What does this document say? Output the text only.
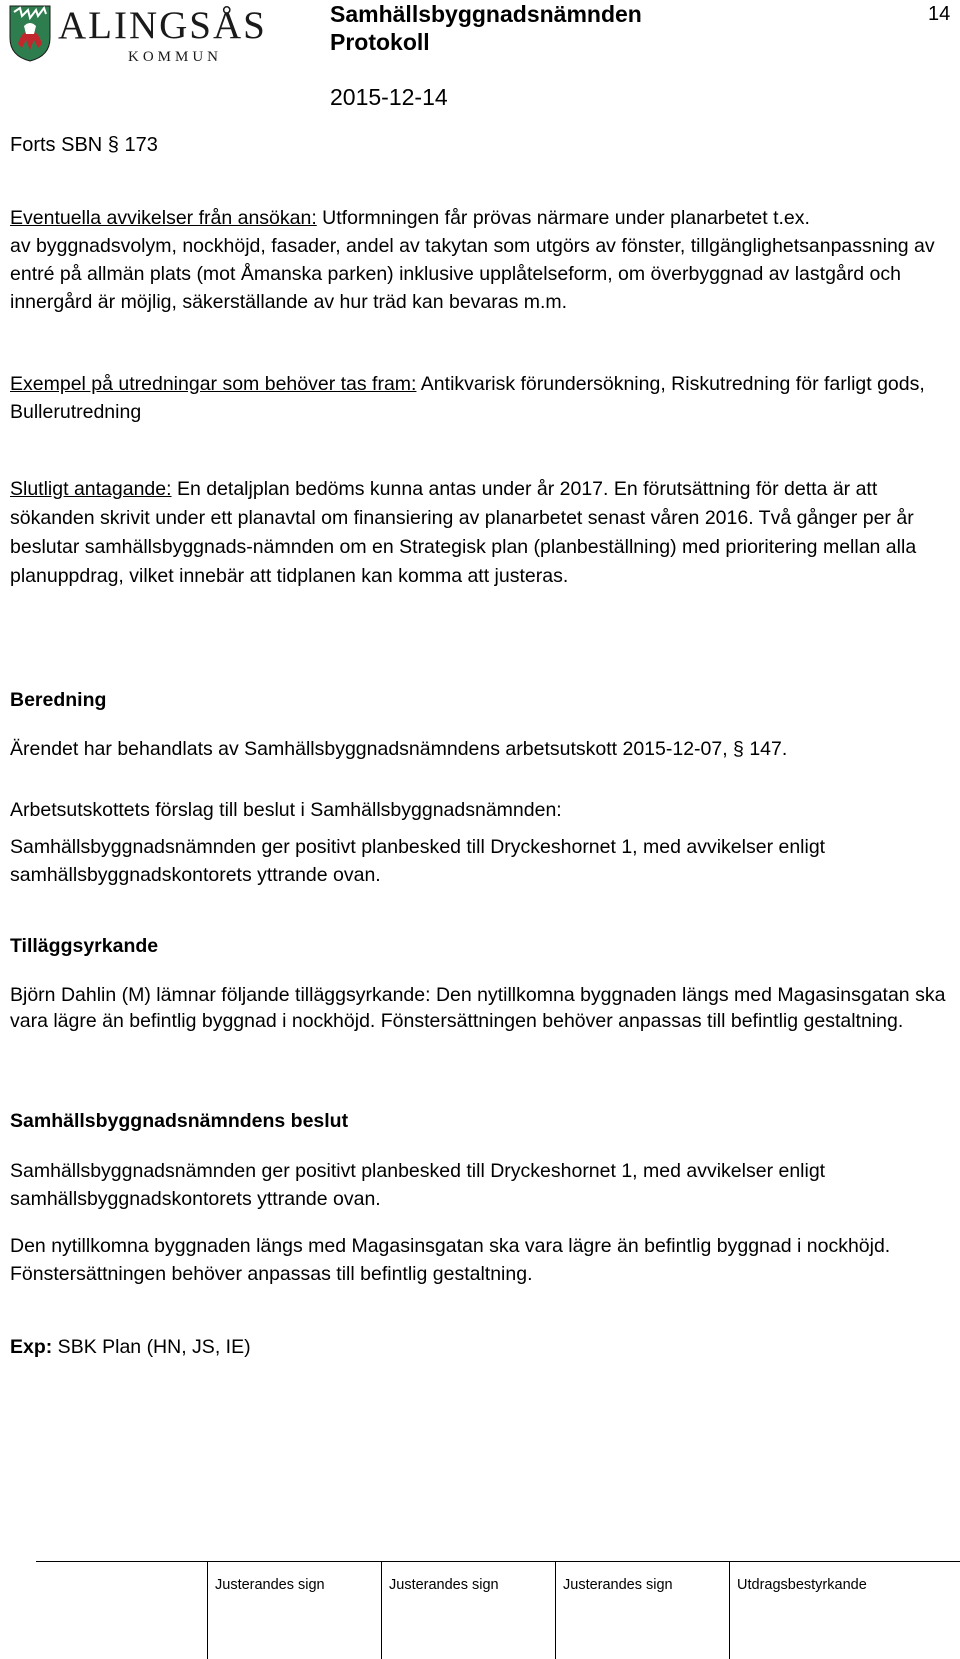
ALINGSÅS
KOMMUN
Samhällsbyggnadsnämnden
Protokoll
2015-12-14
14

Forts SBN § 173

Eventuella avvikelser från ansökan: Utformningen får prövas närmare under planarbetet t.ex.
av byggnadsvolym, nockhöjd, fasader, andel av takytan som utgörs av fönster, tillgänglighetsanpassning av entré på allmän plats (mot Åmanska parken) inklusive upplåtelseform, om överbyggnad av lastgård och innergård är möjlig, säkerställande av hur träd kan bevaras m.m.

Exempel på utredningar som behöver tas fram: Antikvarisk förundersökning, Riskutredning för farligt gods, Bullerutredning

Slutligt antagande: En detaljplan bedöms kunna antas under år 2017. En förutsättning för detta är att sökanden skrivit under ett planavtal om finansiering av planarbetet senast våren 2016. Två gånger per år beslutar samhällsbyggnads-nämnden om en Strategisk plan (planbeställning) med prioritering mellan alla planuppdrag, vilket innebär att tidplanen kan komma att justeras.

Beredning

Ärendet har behandlats av Samhällsbyggnadsnämndens arbetsutskott 2015-12-07, § 147.

Arbetsutskottets förslag till beslut i Samhällsbyggnadsnämnden:

Samhällsbyggnadsnämnden ger positivt planbesked till Dryckeshornet 1, med avvikelser enligt samhällsbyggnadskontorets yttrande ovan.

Tilläggsyrkande

Björn Dahlin (M) lämnar följande tilläggsyrkande: Den nytillkomna byggnaden längs med Magasinsgatan ska vara lägre än befintlig byggnad i nockhöjd. Fönstersättningen behöver anpassas till befintlig gestaltning.

Samhällsbyggnadsnämndens beslut

Samhällsbyggnadsnämnden ger positivt planbesked till Dryckeshornet 1, med avvikelser enligt samhällsbyggnadskontorets yttrande ovan.

Den nytillkomna byggnaden längs med Magasinsgatan ska vara lägre än befintlig byggnad i nockhöjd. Fönstersättningen behöver anpassas till befintlig gestaltning.

Exp: SBK Plan (HN, JS, IE)

Justerandes sign	Justerandes sign	Justerandes sign	Utdragsbestyrkande
